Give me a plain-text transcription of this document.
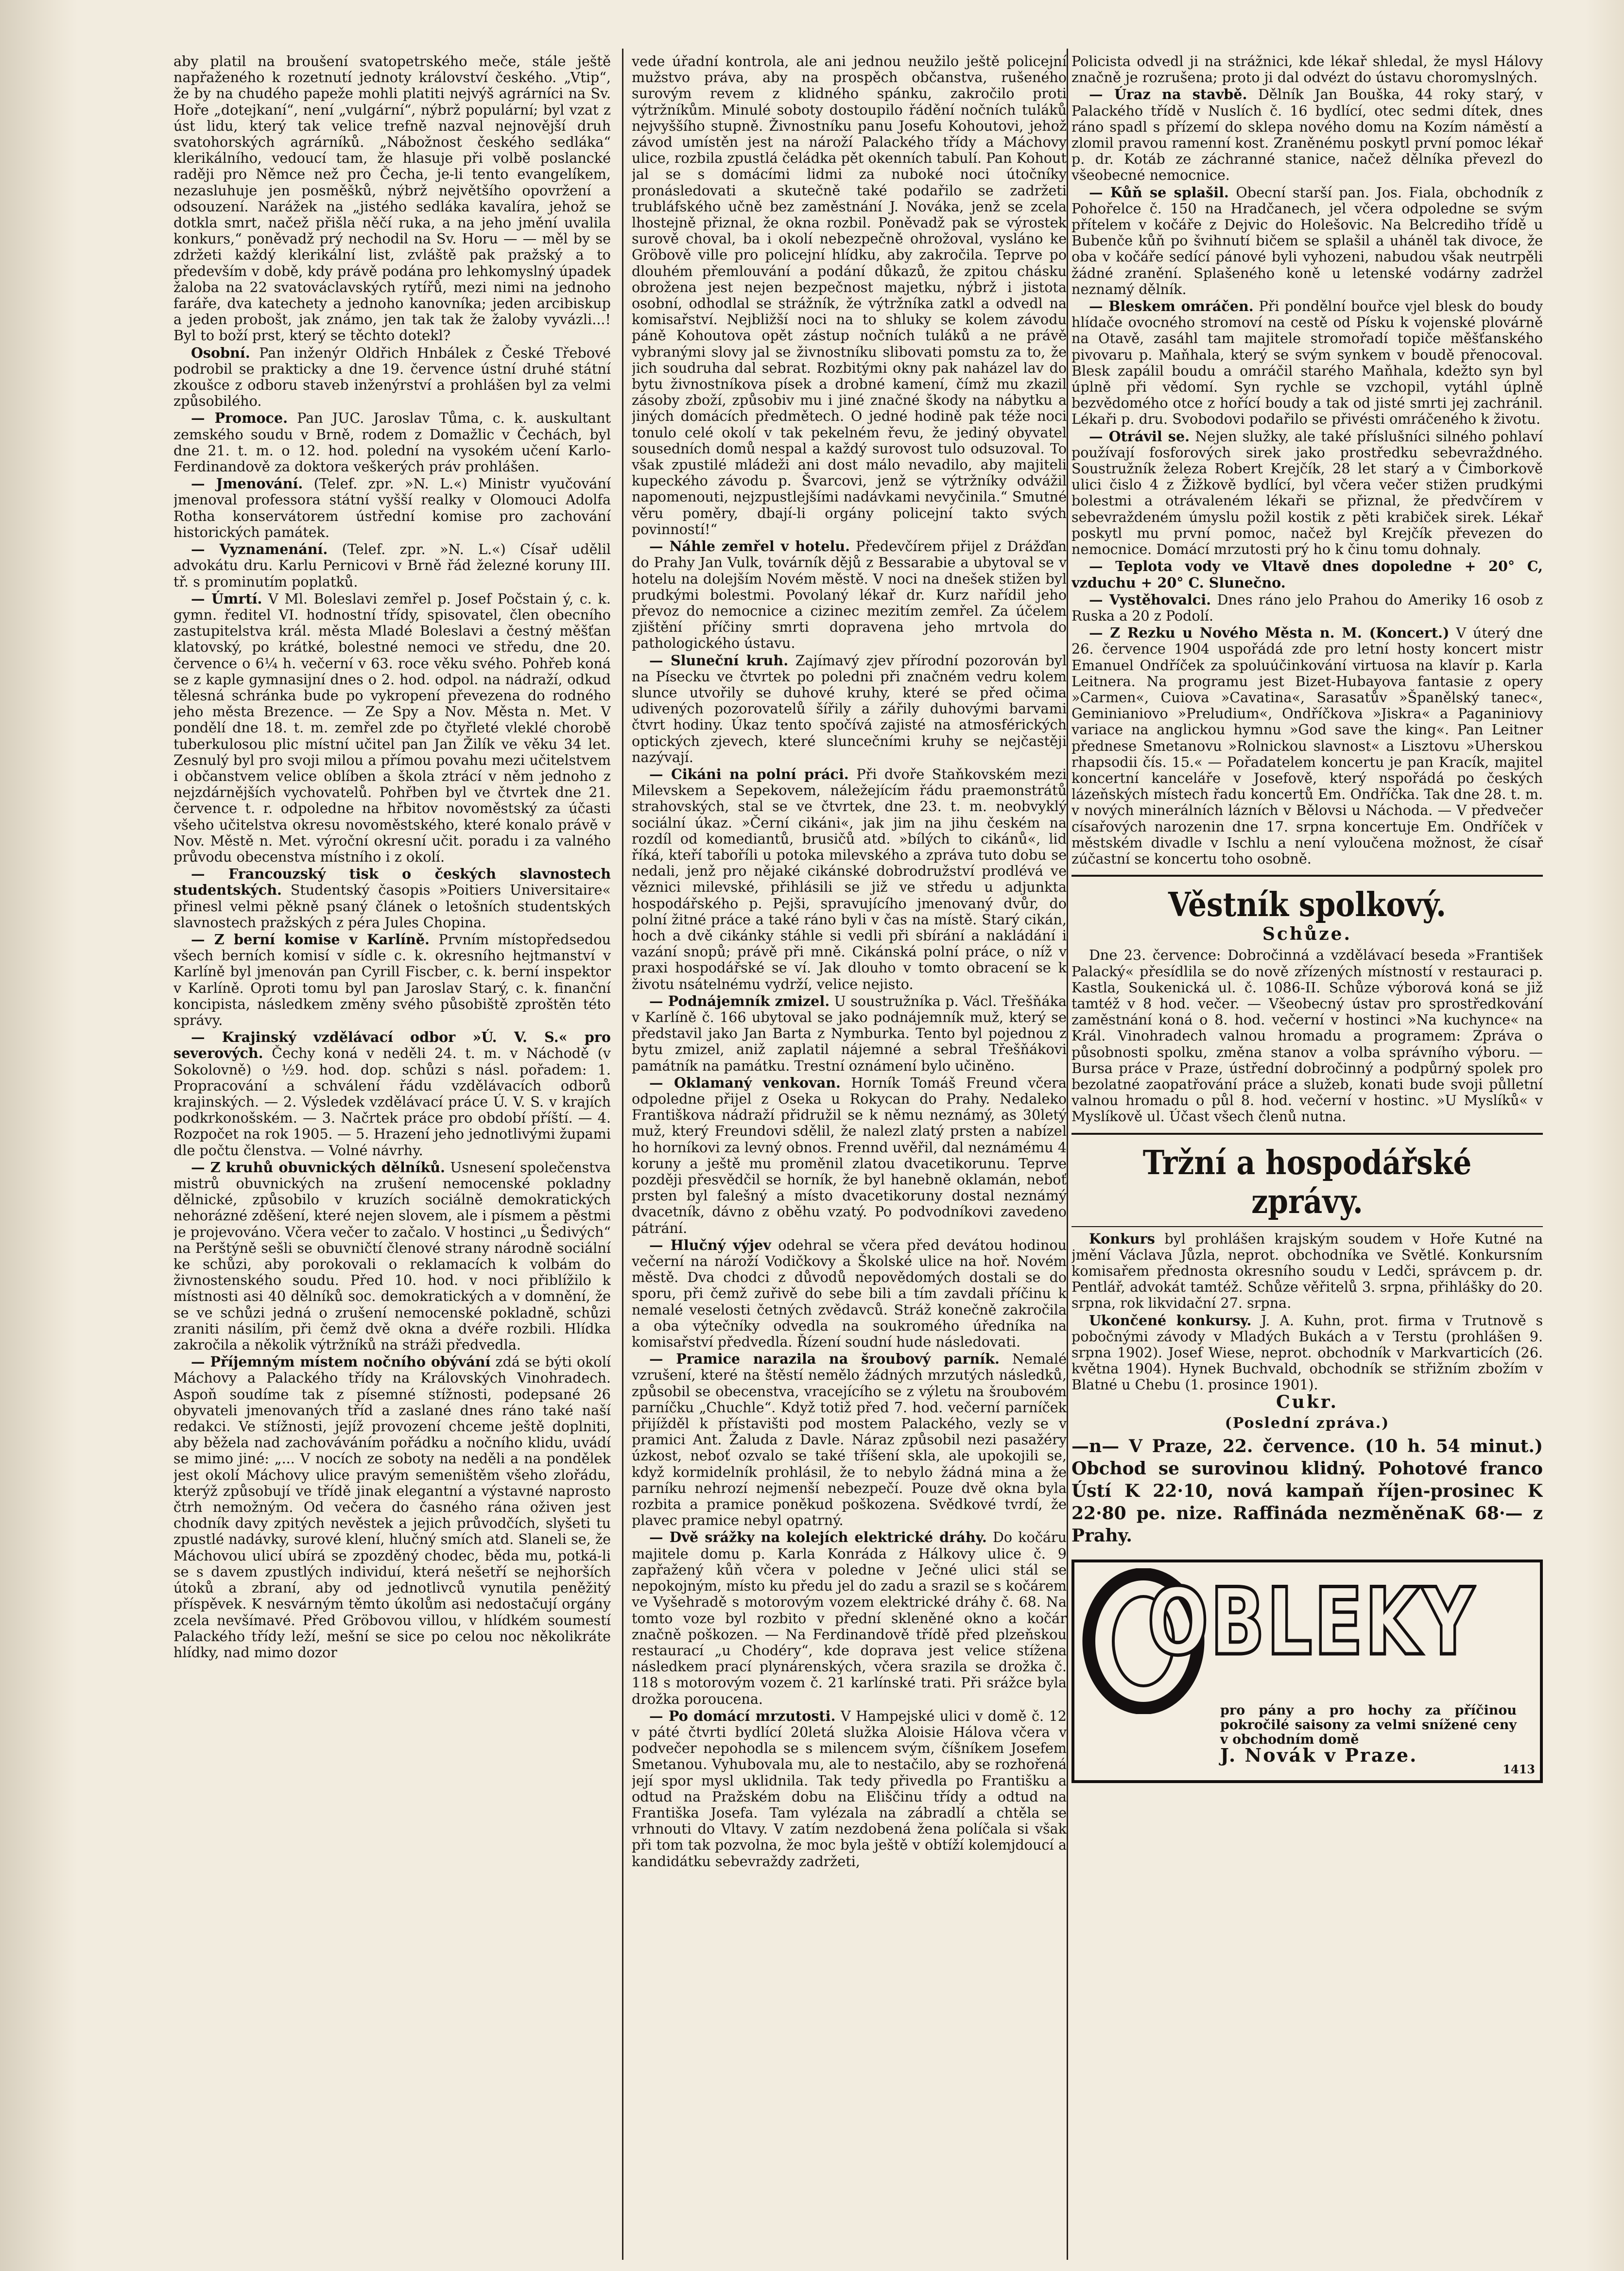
aby platil na broušení svatopetrského meče, stále ještě napřaženého k rozetnutí jednoty království českého. „Vtip“, že by na chudého papeže mohli platiti nejvýš agrárníci na Sv. Hoře „dotejkaní“, není „vulgární“, nýbrž populární; byl vzat z úst lidu, který tak velice trefně nazval nejnovější druh svatohorských agrárníků. „Nábožnost českého sedláka“ klerikálního, vedoucí tam, že hlasuje při volbě poslancké raději pro Němce než pro Čecha, je-li tento evangelíkem, nezasluhuje jen posměšků, nýbrž největšího opovržení a odsouzení. Narážek na „jistého sedláka kavalíra, jehož se dotkla smrt, načež přišla něčí ruka, a na jeho jmění uvalila konkurs,“ poněvadž prý nechodil na Sv. Horu — — měl by se zdržeti každý klerikální list, zvláště pak pražský a to především v době, kdy právě podána pro lehkomyslný úpadek žaloba na 22 svatováclavských rytířů, mezi nimi na jednoho faráře, dva katechety a jednoho kanovníka; jeden arcibiskup a jeden probošt, jak známo, jen tak tak že žaloby vyvázli...! Byl to boží prst, který se těchto dotekl?

Osobní. Pan inženýr Oldřich Hnbálek z České Třebové podrobil se prakticky a dne 19. července ústní druhé státní zkoušce z odboru staveb inženýrství a prohlášen byl za velmi způsobilého.

— Promoce. Pan JUC. Jaroslav Tůma, c. k. auskultant zemského soudu v Brně, rodem z Domažlic v Čechách, byl dne 21. t. m. o 12. hod. polední na vysokém učení Karlo-Ferdinandově za doktora veškerých práv prohlášen.

— Jmenování. (Telef. zpr. »N. L.«) Ministr vyučování jmenoval professora státní vyšší realky v Olomouci Adolfa Rotha konservátorem ústřední komise pro zachování historických památek.

— Vyznamenání. (Telef. zpr. »N. L.«) Císař udělil advokátu dru. Karlu Pernicovi v Brně řád železné koruny III. tř. s prominutím poplatků.

— Úmrtí. V Ml. Boleslavi zemřel p. Josef Počstain ý, c. k. gymn. ředitel VI. hodnostní třídy, spisovatel, člen obecního zastupitelstva král. města Mladé Boleslavi a čestný měšťan klatovský, po krátké, bolestné nemoci ve středu, dne 20. července o 6¼ h. večerní v 63. roce věku svého. Pohřeb koná se z kaple gymnasijní dnes o 2. hod. odpol. na nádraží, odkud tělesná schránka bude po vykropení převezena do rodného jeho města Brezence. — Ze Spy a Nov. Města n. Met. V pondělí dne 18. t. m. zemřel zde po čtyřleté vleklé chorobě tuberkulosou plic místní učitel pan Jan Žilík ve věku 34 let. Zesnulý byl pro svoji milou a přímou povahu mezi učitelstvem i občanstvem velice oblíben a škola ztrácí v něm jednoho z nejzdárnějších vychovatelů. Pohřben byl ve čtvrtek dne 21. července t. r. odpoledne na hřbitov novoměstský za účasti všeho učitelstva okresu novoměstského, které konalo právě v Nov. Městě n. Met. výroční okresní učit. poradu i za valného průvodu obecenstva místního i z okolí.

— Francouzský tisk o českých slavnostech studentských. Studentský časopis »Poitiers Universitaire« přinesl velmi pěkně psaný článek o letošních studentských slavnostech pražských z péra Jules Chopina.

— Z berní komise v Karlíně. Prvním místopředsedou všech berních komisí v sídle c. k. okresního hejtmanství v Karlíně byl jmenován pan Cyrill Fiscber, c. k. berní inspektor v Karlíně. Oproti tomu byl pan Jaroslav Starý, c. k. finanční koncipista, následkem změny svého působiště zproštěn této správy.

— Krajinský vzdělávací odbor »Ú. V. S.« pro severových. Čechy koná v neděli 24. t. m. v Náchodě (v Sokolovně) o ½9. hod. dop. schůzi s násl. pořadem: 1. Propracování a schválení řádu vzdělávacích odborů krajinských. — 2. Výsledek vzdělávací práce Ú. V. S. v krajích podkrkonošském. — 3. Načrtek práce pro období příští. — 4. Rozpočet na rok 1905. — 5. Hrazení jeho jednotlivými župami dle počtu členstva. — Volné návrhy.

— Z kruhů obuvnických dělníků. Usnesení společenstva mistrů obuvnických na zrušení nemocenské pokladny dělnické, způsobilo v kruzích sociálně demokratických nehorázné zděšení, které nejen slovem, ale i písmem a pěstmi je projevováno. Včera večer to začalo. V hostinci „u Šedivých“ na Perštýně sešli se obuvničtí členové strany národně sociální ke schůzi, aby porokovali o reklamacích k volbám do živnostenského soudu. Před 10. hod. v noci přiblížilo k místnosti asi 40 dělníků soc. demokratických a v domnění, že se ve schůzi jedná o zrušení nemocenské pokladně, schůzi zraniti násilím, při čemž dvě okna a dvéře rozbili. Hlídka zakročila a několik výtržníků na stráži předvedla.

— Příjemným místem nočního obývání zdá se býti okolí Máchovy a Palackého třídy na Královských Vinohradech. Aspoň soudíme tak z písemné stížnosti, podepsané 26 obyvateli jmenovaných tříd a zaslané dnes ráno také naší redakci. Ve stížnosti, jejíž provození chceme ještě doplniti, aby běžela nad zachováváním pořádku a nočního klidu, uvádí se mimo jiné: „... V nocích ze soboty na neděli a na pondělek jest okolí Máchovy ulice pravým semeništěm všeho zlořádu, kterýž způsobují ve třídě jinak elegantní a výstavné naprosto čtrh nemožným. Od večera do časného rána oživen jest chodník davy zpitých nevěstek a jejich průvodčích, slyšeti tu zpustlé nadávky, surové klení, hlučný smích atd. Slaneli se, že Máchovou ulicí ubírá se zpozděný chodec, běda mu, potká-li se s davem zpustlých individuí, která nešetří se nejhorších útoků a zbraní, aby od jednotlivců vynutila peněžitý příspěvek. K nesvárným těmto úkolům asi nedostačují orgány zcela nevšímavé. Před Gröbovou villou, v hlídkém soumestí Palackého třídy leží, mešní se sice po celou noc několikráte hlídky, nad mimo dozor

vede úřadní kontrola, ale ani jednou neužilo ještě policejní mužstvo práva, aby na prospěch občanstva, rušeného surovým revem z klidného spánku, zakročilo proti výtržníkům. Minulé soboty dostoupilo řádění nočních tuláků nejvyššího stupně. Živnostníku panu Josefu Kohoutovi, jehož závod umístěn jest na nároží Palackého třídy a Máchovy ulice, rozbila zpustlá čeládka pět okenních tabulí. Pan Kohout jal se s domácími lidmi za nuboké noci útočníky pronásledovati a skutečně také podařilo se zadržeti trubláfského učně bez zaměstnání J. Nováka, jenž se zcela lhostejně přiznal, že okna rozbil. Poněvadž pak se výrostek surově choval, ba i okolí nebezpečně ohrožoval, vysláno ke Gröbově ville pro policejní hlídku, aby zakročila. Teprve po dlouhém přemlouvání a podání důkazů, že zpitou chásku obrožena jest nejen bezpečnost majetku, nýbrž i jistota osobní, odhodlal se strážník, že výtržníka zatkl a odvedl na komisařství. Nejbližší noci na to shluky se kolem závodu páně Kohoutova opět zástup nočních tuláků a ne právě vybranými slovy jal se živnostníku slibovati pomstu za to, že jich soudruha dal sebrat. Rozbitými okny pak naházel lav do bytu živnostníkova písek a drobné kamení, čímž mu zkazil zásoby zboží, způsobiv mu i jiné značné škody na nábytku a jiných domácích předmětech. O jedné hodině pak téže noci tonulo celé okolí v tak pekelném řevu, že jediný obyvatel sousedních domů nespal a každý surovost tulo odsuzoval. To však zpustilé mládeži ani dost málo nevadilo, aby majiteli kupeckého závodu p. Švarcovi, jenž se výtržníky odvážil napomenouti, nejzpustlejšími nadávkami nevyčinila.“ Smutné věru poměry, dbají-li orgány policejní takto svých povinností!“

— Náhle zemřel v hotelu. Předevčírem přijel z Drážďan do Prahy Jan Vulk, továrník dějů z Bessarabie a ubytoval se v hotelu na dolejším Novém městě. V noci na dnešek stižen byl prudkými bolestmi. Povolaný lékař dr. Kurz nařídil jeho převoz do nemocnice a cizinec mezitím zemřel. Za účelem zjištění příčiny smrti dopravena jeho mrtvola do pathologického ústavu.

— Sluneční kruh. Zajímavý zjev přírodní pozorován byl na Písecku ve čtvrtek po poledni při značném vedru kolem slunce utvořily se duhové kruhy, které se před očima udivených pozorovatelů šířily a zářily duhovými barvami čtvrt hodiny. Úkaz tento spočívá zajisté na atmosférických optických zjevech, které sluncečními kruhy se nejčastěji nazývají.

— Cikáni na polní práci. Při dvoře Staňkovském mezi Milevskem a Sepekovem, náležejícím řádu praemonstrátů strahovských, stal se ve čtvrtek, dne 23. t. m. neobvyklý sociální úkaz. »Černí cikáni«, jak jim na jihu českém na rozdíl od komediantů, brusičů atd. »bílých to cikánů«, lid říká, kteří taboříli u potoka milevského a zpráva tuto dobu se nedali, jenž pro nějaké cikánské dobrodružství prodlévá ve věznici milevské, přihlásili se již ve středu u adjunkta hospodářského p. Pejši, spravujícího jmenovaný dvůr, do polní žitné práce a také ráno byli v čas na místě. Starý cikán, hoch a dvě cikánky stáhle si vedli při sbírání a nakládání i vazání snopů; právě při mně. Cikánská polní práce, o níž v praxi hospodářské se ví. Jak dlouho v tomto obracení se k životu nsátelnému vydrží, velice nejisto.

— Podnájemník zmizel. U soustružníka p. Václ. Třešňáka v Karlíně č. 166 ubytoval se jako podnájemník muž, který se představil jako Jan Barta z Nymburka. Tento byl pojednou z bytu zmizel, aniž zaplatil nájemné a sebral Třešňákovi památník na památku. Trestní oznámení bylo učiněno.

— Oklamaný venkovan. Horník Tomáš Freund včera odpoledne přijel z Oseka u Rokycan do Prahy. Nedaleko Františkova nádraží přidružil se k němu neznámý, as 30letý muž, který Freundovi sdělil, že nalezl zlatý prsten a nabízel ho horníkovi za levný obnos. Frennd uvěřil, dal neznámému 4 koruny a ještě mu proměnil zlatou dvacetikorunu. Teprve později přesvědčil se horník, že byl hanebně oklamán, neboť prsten byl falešný a místo dvacetikoruny dostal neznámý dvacetník, dávno z oběhu vzatý. Po podvodníkovi zavedeno pátrání.

— Hlučný výjev odehral se včera před devátou hodinou večerní na nároží Vodičkovy a Školské ulice na hoř. Novém městě. Dva chodci z důvodů nepovědomých dostali se do sporu, při čemž zuřivě do sebe bili a tím zavdali příčinu k nemalé veselosti četných zvědavců. Stráž konečně zakročila a oba výtečníky odvedla na soukromého úředníka na komisařství předvedla. Řízení soudní hude následovati.

— Pramice narazila na šroubový parník. Nemalé vzrušení, které na štěstí nemělo žádných mrzutých následků, způsobil se obecenstva, vracejícího se z výletu na šroubovém parníčku „Chuchle“. Když totiž před 7. hod. večerní parníček přijížděl k přístavišti pod mostem Palackého, vezly se v pramici Ant. Žaluda z Davle. Náraz způsobil nezi pasažéry úzkost, neboť ozvalo se také tříšení skla, ale upokojili se, když kormidelník prohlásil, že to nebylo žádná mina a že parníku nehrozí nejmenší nebezpečí. Pouze dvě okna byla rozbita a pramice poněkud poškozena. Svědkové tvrdí, že plavec pramice nebyl opatrný.

— Dvě srážky na kolejích elektrické dráhy. Do kočáru majitele domu p. Karla Konráda z Hálkovy ulice č. 9 zapřažený kůň včera v poledne v Ječné ulici stál se nepokojným, místo ku předu jel do zadu a srazil se s kočárem ve Vyšehradě s motorovým vozem elektrické dráhy č. 68. Na tomto voze byl rozbito v přední skleněné okno a kočár značně poškozen. — Na Ferdinandově třídě před plzeňskou restaurací „u Chodéry“, kde doprava jest velice stížena následkem prací plynárenských, včera srazila se drožka č. 118 s motorovým vozem č. 21 karlínské trati. Při srážce byla drožka poroucena.

— Po domácí mrzutosti. V Hampejské ulici v domě č. 12 v páté čtvrti bydlící 20letá služka Aloisie Hálova včera v podvečer nepohodla se s milencem svým, číšníkem Josefem Smetanou. Vyhubovala mu, ale to nestačilo, aby se rozhořená její spor mysl uklidnila. Tak tedy přivedla po Františku a odtud na Pražském dobu na Eliščinu třídy a odtud na Františka Josefa. Tam vylézala na zábradlí a chtěla se vrhnouti do Vltavy. V zatím nezdobená žena políčala si však při tom tak pozvolna, že moc byla ještě v obtíží kolemjdoucí a kandidátku sebevraždy zadržeti,

Policista odvedl ji na strážnici, kde lékař shledal, že mysl Hálovy značně je rozrušena; proto ji dal odvézt do ústavu choromyslných.

— Úraz na stavbě. Dělník Jan Bouška, 44 roky starý, v Palackého třídě v Nuslích č. 16 bydlící, otec sedmi dítek, dnes ráno spadl s přízemí do sklepa nového domu na Kozím náměstí a zlomil pravou ramenní kost. Zraněnému poskytl první pomoc lékař p. dr. Kotáb ze záchranné stanice, načež dělníka převezl do všeobecné nemocnice.

— Kůň se splašil. Obecní starší pan. Jos. Fiala, obchodník z Pohořelce č. 150 na Hradčanech, jel včera odpoledne se svým přítelem v kočáře z Dejvic do Holešovic. Na Belcrediho třídě u Bubenče kůň po švihnutí bičem se splašil a uháněl tak divoce, že oba v kočáře sedící pánové byli vyhozeni, nabudou však neutrpěli žádné zranění. Splašeného koně u letenské vodárny zadržel neznamý dělník.

— Bleskem omráčen. Při pondělní bouřce vjel blesk do boudy hlídače ovocného stromoví na cestě od Písku k vojenské plovárně na Otavě, zasáhl tam majitele stromořadí topiče měšťanského pivovaru p. Maňhala, který se svým synkem v boudě přenocoval. Blesk zapálil boudu a omráčil starého Maňhala, kdežto syn byl úplně při vědomí. Syn rychle se vzchopil, vytáhl úplně bezvědomého otce z hořící boudy a tak od jisté smrti jej zachránil. Lékaři p. dru. Svobodovi podařilo se přivésti omráčeného k životu.

— Otrávil se. Nejen služky, ale také příslušníci silného pohlaví používají fosforových sirek jako prostředku sebevraždného. Soustružník železa Robert Krejčík, 28 let starý a v Čimborkově ulici čislo 4 z Žižkově bydlící, byl včera večer stižen prudkými bolestmi a otrávaleném lékaři se přiznal, že předvčírem v sebevraždeném úmyslu požil kostik z pěti krabiček sirek. Lékař poskytl mu první pomoc, načež byl Krejčík převezen do nemocnice. Domácí mrzutosti prý ho k činu tomu dohnaly.

— Teplota vody ve Vltavě dnes dopoledne + 20° C, vzduchu + 20° C. Slunečno.

— Vystěhovalci. Dnes ráno jelo Prahou do Ameriky 16 osob z Ruska a 20 z Podolí.

— Z Rezku u Nového Města n. M. (Koncert.) V úterý dne 26. července 1904 uspořádá zde pro letní hosty koncert mistr Emanuel Ondříček za spoluúčinkování virtuosa na klavír p. Karla Leitnera. Na programu jest Bizet-Hubayova fantasie z opery »Carmen«, Cuiova »Cavatina«, Sarasatův »Španělský tanec«, Geminianiovo »Preludium«, Ondříčkova »Jiskra« a Paganiniovy variace na anglickou hymnu »God save the king«. Pan Leitner přednese Smetanovu »Rolnickou slavnost« a Lisztovu »Uherskou rhapsodii čís. 15.« — Pořadatelem koncertu je pan Kracík, majitel koncertní kanceláře v Josefově, který nspořádá po českých lázeňských místech řadu koncertů Em. Ondříčka. Tak dne 28. t. m. v nových minerálních lázních v Bělovsi u Náchoda. — V předvečer císařových narozenin dne 17. srpna koncertuje Em. Ondříček v městském divadle v Ischlu a není vyloučena možnost, že císař zúčastní se koncertu toho osobně.

Věstník spolkový.
Schůze.

Dne 23. července: Dobročinná a vzdělávací beseda »František Palacký« přesídlila se do nově zřízených místností v restauraci p. Kastla, Soukenická ul. č. 1086-II. Schůze výborová koná se již tamtéž v 8 hod. večer. — Všeobecný ústav pro sprostředkování zaměstnání koná o 8. hod. večerní v hostinci »Na kuchynce« na Král. Vinohradech valnou hromadu a programem: Zpráva o působnosti spolku, změna stanov a volba správního výboru. — Bursa práce v Praze, ústřední dobročinný a podpůrný spolek pro bezolatné zaopatřování práce a služeb, konati bude svoji půlletní valnou hromadu o půl 8. hod. večerní v hostinc. »U Myslíků« v Myslíkově ul. Účast všech členů nutna.

Tržní a hospodářské zprávy.

Konkurs byl prohlášen krajským soudem v Hoře Kutné na jmění Václava Jůzla, neprot. obchodníka ve Světlé. Konkursním komisařem přednosta okresního soudu v Ledči, správcem p. dr. Pentlář, advokát tamtéž. Schůze věřitelů 3. srpna, přihlášky do 20. srpna, rok likvidační 27. srpna.

Ukončené konkursy. J. A. Kuhn, prot. firma v Trutnově s pobočnými závody v Mladých Bukách a v Terstu (prohlášen 9. srpna 1902). Josef Wiese, neprot. obchodník v Markvarticích (26. května 1904). Hynek Buchvald, obchodník se střižním zbožím v Blatné u Chebu (1. prosince 1901).

Cukr.
(Poslední zpráva.)

—n— V Praze, 22. července. (10 h. 54 minut.) Obchod se surovinou klidný. Pohotové franco Ústí K 22·10, nová kampaň říjen-prosinec K 22·80 pe. nize. Raffináda nezměněnaK 68·— z Prahy.

OBLEKY
pro pány a pro hochy za příčinou pokročilé saisony za velmi snížené ceny v obchodním domě
J. Novák v Praze.
1413
